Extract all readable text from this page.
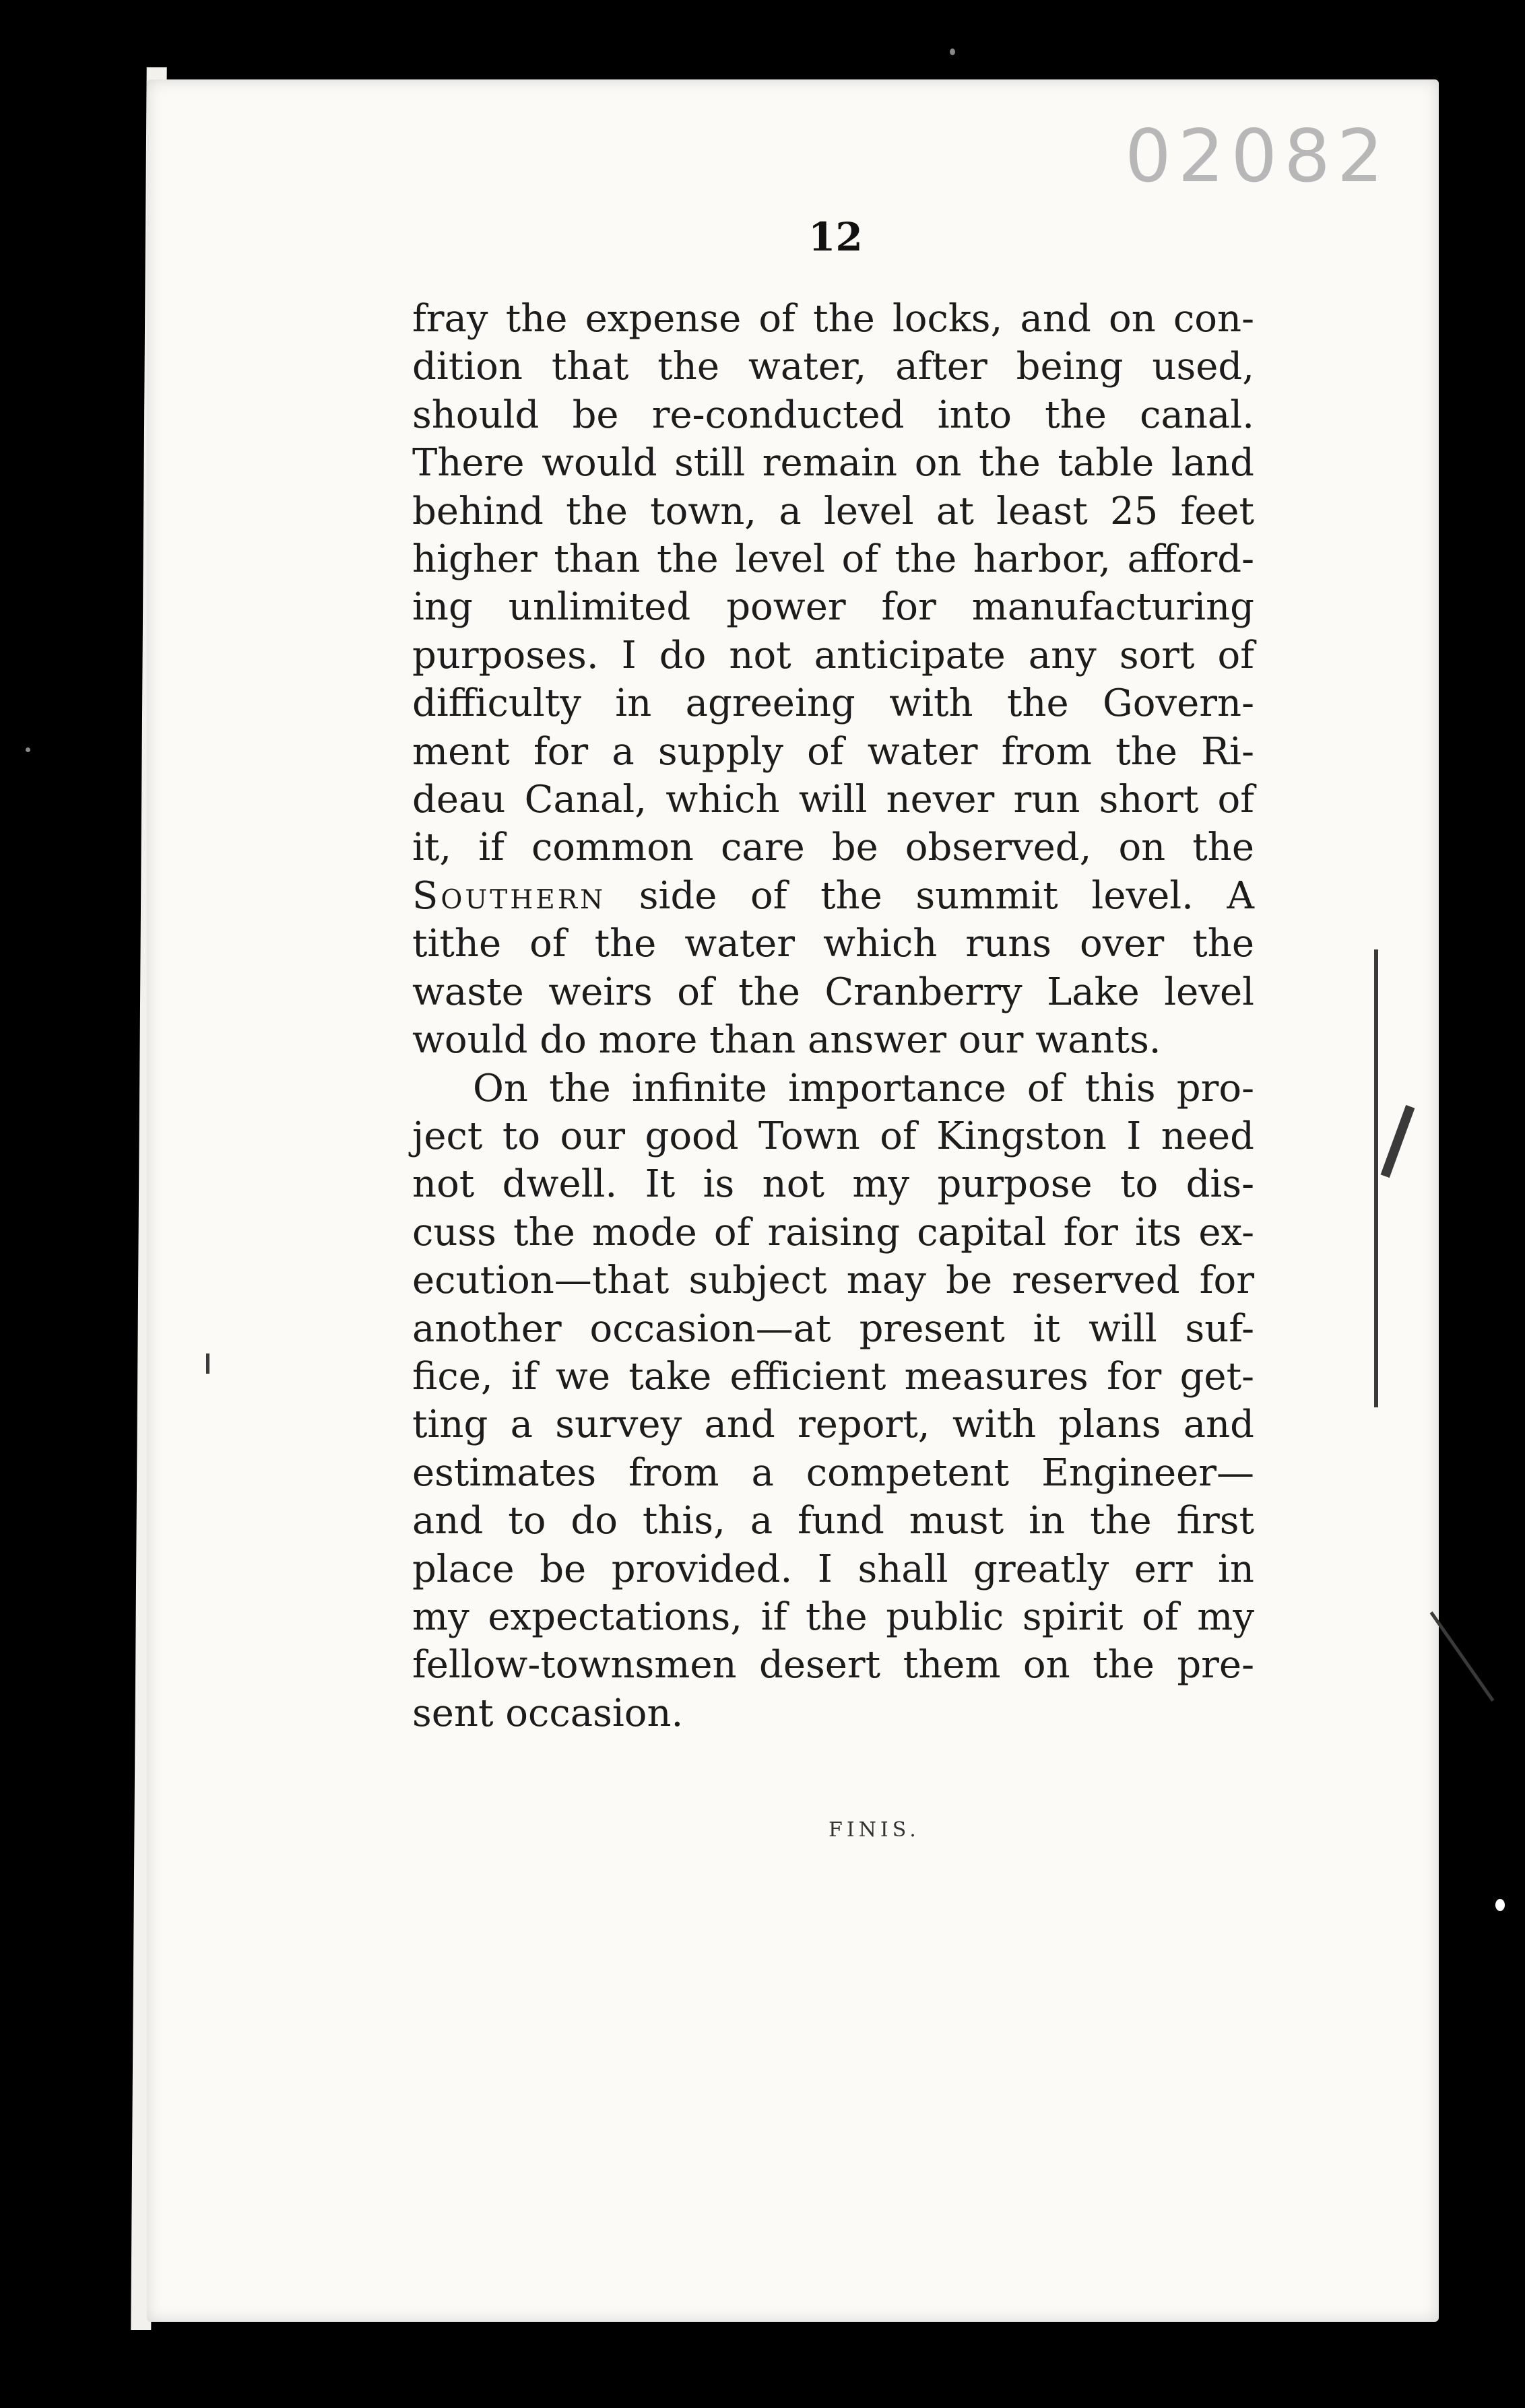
02082
12
fray the expense of the locks, and on con-
dition that the water, after being used,
should be re-conducted into the canal.
There would still remain on the table land
behind the town, a level at least 25 feet
higher than the level of the harbor, afford-
ing unlimited power for manufacturing
purposes. I do not anticipate any sort of
difficulty in agreeing with the Govern-
ment for a supply of water from the Ri-
deau Canal, which will never run short of
it, if common care be observed, on the
Southern side of the summit level. A
tithe of the water which runs over the
waste weirs of the Cranberry Lake level
would do more than answer our wants.
On the infinite importance of this pro-
ject to our good Town of Kingston I need
not dwell. It is not my purpose to dis-
cuss the mode of raising capital for its ex-
ecution—that subject may be reserved for
another occasion—at present it will suf-
fice, if we take efficient measures for get-
ting a survey and report, with plans and
estimates from a competent Engineer—
and to do this, a fund must in the first
place be provided. I shall greatly err in
my expectations, if the public spirit of my
fellow-townsmen desert them on the pre-
sent occasion.
FINIS.
